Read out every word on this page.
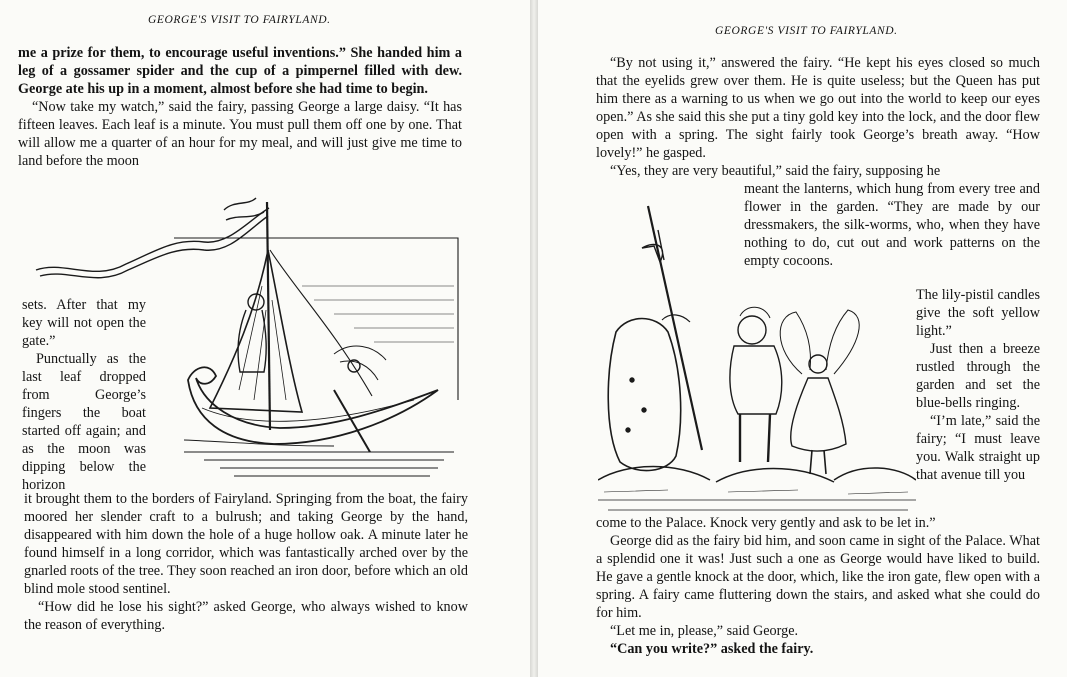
GEORGE'S VISIT TO FAIRYLAND.

me a prize for them, to encourage useful inventions.” She handed him a leg of a gossamer spider and the cup of a pimpernel filled with dew. George ate his up in a moment, almost before she had time to begin.

“Now take my watch,” said the fairy, passing George a large daisy. “It has fifteen leaves. Each leaf is a minute. You must pull them off one by one. That will allow me a quarter of an hour for my meal, and will just give me time to land before the moon

sets. After that my key will not open the gate.”

Punctually as the last leaf dropped from George’s fingers the boat started off again; and as the moon was dipping below the horizon

it brought them to the borders of Fairyland. Springing from the boat, the fairy moored her slender craft to a bulrush; and taking George by the hand, disappeared with him down the hole of a huge hollow oak. A minute later he found himself in a long corridor, which was fantastically arched over by the gnarled roots of the tree. They soon reached an iron door, before which an old blind mole stood sentinel.

“How did he lose his sight?” asked George, who always wished to know the reason of everything.

GEORGE'S VISIT TO FAIRYLAND.

“By not using it,” answered the fairy. “He kept his eyes closed so much that the eyelids grew over them. He is quite useless; but the Queen has put him there as a warning to us when we go out into the world to keep our eyes open.” As she said this she put a tiny gold key into the lock, and the door flew open with a spring. The sight fairly took George’s breath away. “How lovely!” he gasped.

“Yes, they are very beautiful,” said the fairy, supposing he

meant the lanterns, which hung from every tree and flower in the garden. “They are made by our dressmakers, the silk-worms, who, when they have nothing to do, cut out and work patterns on the empty cocoons.

The lily-pistil candles give the soft yellow light.”

Just then a breeze rustled through the garden and set the blue-bells ringing.

“I’m late,” said the fairy; “I must leave you. Walk straight up that avenue till you

come to the Palace. Knock very gently and ask to be let in.”

George did as the fairy bid him, and soon came in sight of the Palace. What a splendid one it was! Just such a one as George would have liked to build. He gave a gentle knock at the door, which, like the iron gate, flew open with a spring. A fairy came fluttering down the stairs, and asked what she could do for him.

“Let me in, please,” said George.

“Can you write?” asked the fairy.
